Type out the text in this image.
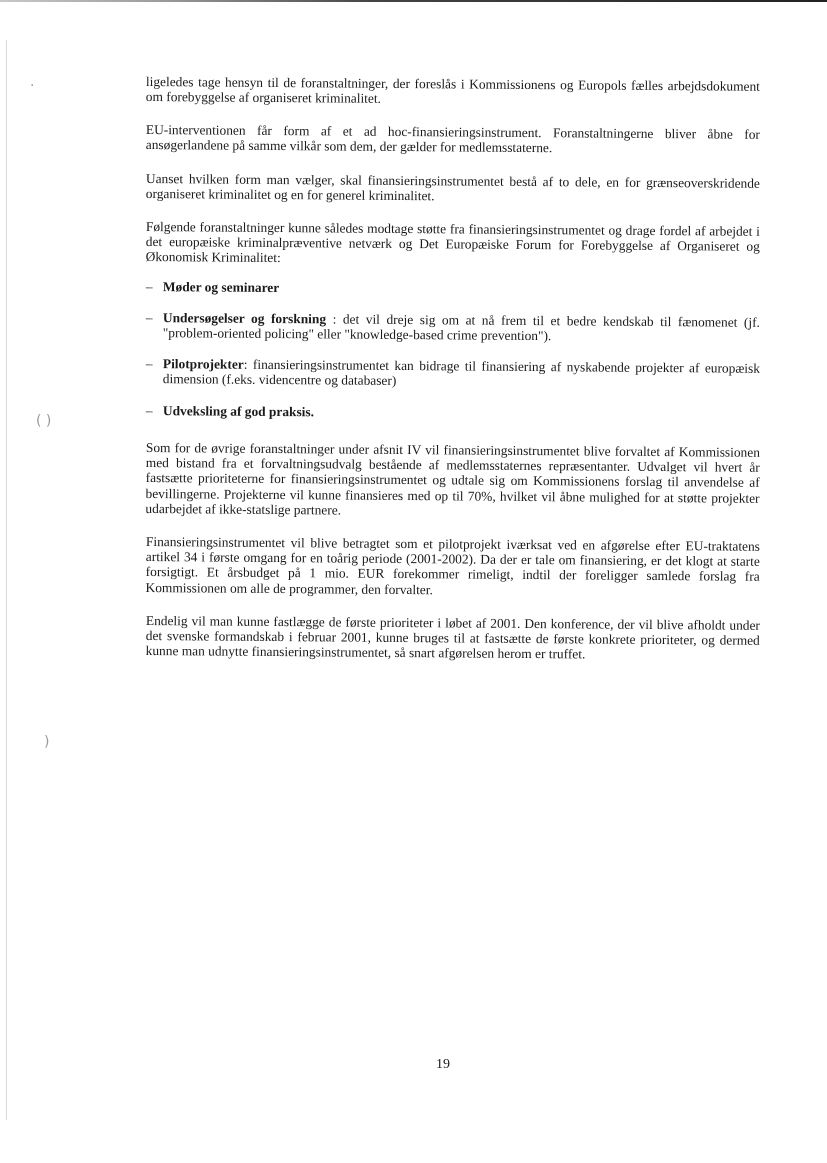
·
( )
)

ligeledes tage hensyn til de foranstaltninger, der foreslås i Kommissionens og Europols fælles arbejdsdokument om forebyggelse af organiseret kriminalitet.

EU-interventionen får form af et ad hoc-finansieringsinstrument. Foranstaltningerne bliver åbne for ansøgerlandene på samme vilkår som dem, der gælder for medlemsstaterne.

Uanset hvilken form man vælger, skal finansieringsinstrumentet bestå af to dele, en for grænseoverskridende organiseret kriminalitet og en for generel kriminalitet.

Følgende foranstaltninger kunne således modtage støtte fra finansieringsinstrumentet og drage fordel af arbejdet i det europæiske kriminalpræventive netværk og Det Europæiske Forum for Forebyggelse af Organiseret og Økonomisk Kriminalitet:

– Møder og seminarer
– Undersøgelser og forskning : det vil dreje sig om at nå frem til et bedre kendskab til fænomenet (jf. "problem-oriented policing" eller "knowledge-based crime prevention").
– Pilotprojekter: finansieringsinstrumentet kan bidrage til finansiering af nyskabende projekter af europæisk dimension (f.eks. videncentre og databaser)
– Udveksling af god praksis.

Som for de øvrige foranstaltninger under afsnit IV vil finansieringsinstrumentet blive forvaltet af Kommissionen med bistand fra et forvaltningsudvalg bestående af medlemsstaternes repræsentanter. Udvalget vil hvert år fastsætte prioriteterne for finansieringsinstrumentet og udtale sig om Kommissionens forslag til anvendelse af bevillingerne. Projekterne vil kunne finansieres med op til 70%, hvilket vil åbne mulighed for at støtte projekter udarbejdet af ikke-statslige partnere.

Finansieringsinstrumentet vil blive betragtet som et pilotprojekt iværksat ved en afgørelse efter EU-traktatens artikel 34 i første omgang for en toårig periode (2001-2002). Da der er tale om finansiering, er det klogt at starte forsigtigt. Et årsbudget på 1 mio. EUR forekommer rimeligt, indtil der foreligger samlede forslag fra Kommissionen om alle de programmer, den forvalter.

Endelig vil man kunne fastlægge de første prioriteter i løbet af 2001. Den konference, der vil blive afholdt under det svenske formandskab i februar 2001, kunne bruges til at fastsætte de første konkrete prioriteter, og dermed kunne man udnytte finansieringsinstrumentet, så snart afgørelsen herom er truffet.

19
